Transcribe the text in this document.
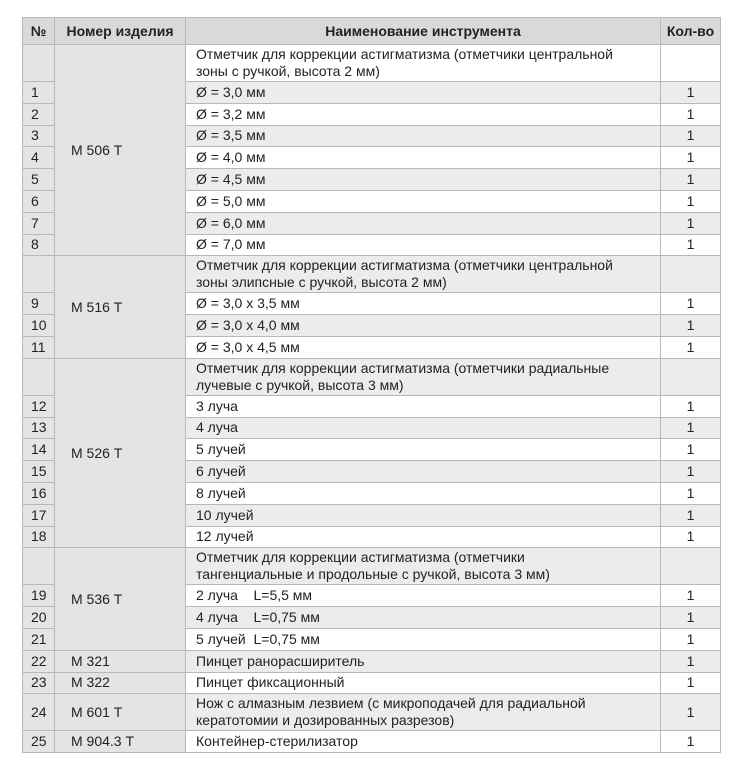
№	Номер изделия	Наименование инструмента	Кол-во
	М 506 Т	Отметчик для коррекции астигматизма (отметчики центральной
зоны с ручкой, высота 2 мм)	

1		Ø = 3,0 мм	1
2		Ø = 3,2 мм	1
3		Ø = 3,5 мм	1
4		Ø = 4,0 мм	1
5		Ø = 4,5 мм	1
6		Ø = 5,0 мм	1
7		Ø = 6,0 мм	1
8		Ø = 7,0 мм	1
	М 516 Т	Отметчик для коррекции астигматизма (отметчики центральной
зоны элипсные с ручкой, высота 2 мм)	

9		Ø = 3,0 x 3,5 мм	1
10		Ø = 3,0 x 4,0 мм	1
11		Ø = 3,0 x 4,5 мм	1
	М 526 Т	Отметчик для коррекции астигматизма (отметчики радиальные
лучевые с ручкой, высота 3 мм)	

12		3 луча	1
13		4 луча	1
14		5 лучей	1
15		6 лучей	1
16		8 лучей	1
17		10 лучей	1
18		12 лучей	1
	М 536 Т	Отметчик для коррекции астигматизма (отметчики
тангенциальные и продольные с ручкой, высота 3 мм)	

19		2 луча    L=5,5 мм	1
20		4 луча    L=0,75 мм	1
21		5 лучей  L=0,75 мм	1
22	М 321	Пинцет ранорасширитель	1
23	М 322	Пинцет фиксационный	1
24	М 601 Т	Нож с алмазным лезвием (с микроподачей для радиальной
кератотомии и дозированных разрезов)	1
25	М 904.3 Т	Контейнер-стерилизатор	1
